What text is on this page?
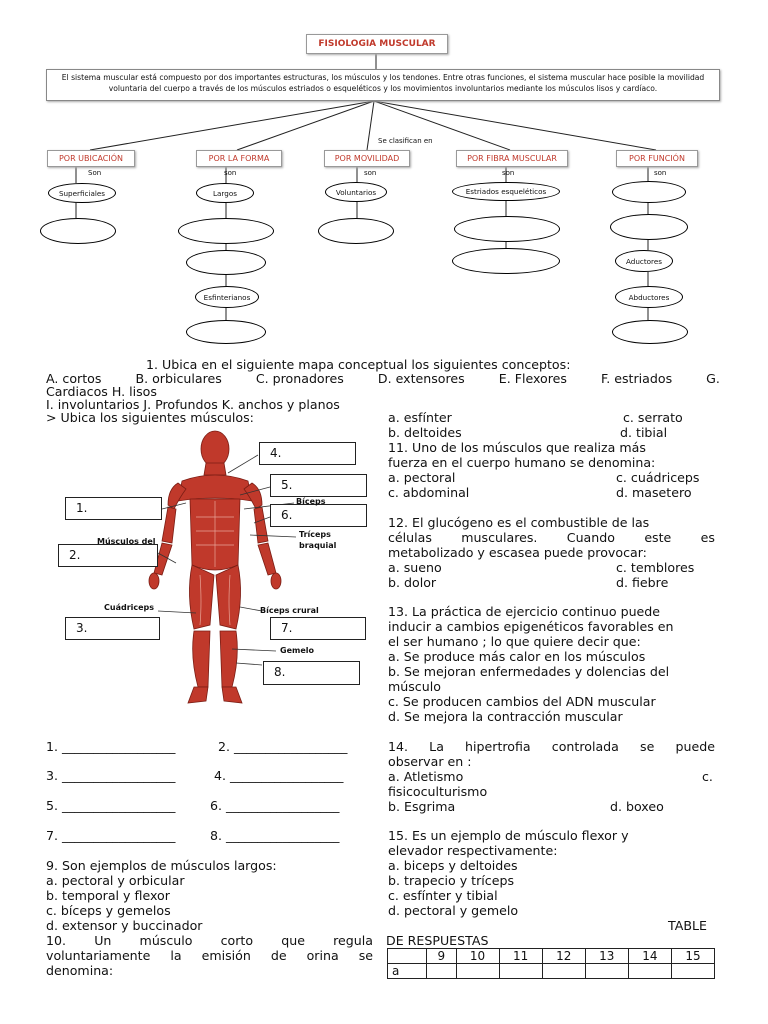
FISIOLOGIA MUSCULAR
El sistema muscular está compuesto por dos importantes estructuras, los músculos y los tendones. Entre otras funciones, el sistema muscular hace posible la movilidad voluntaria del cuerpo a través de los músculos estriados o esqueléticos y los movimientos involuntarios mediante los músculos lisos y cardíaco.
Se clasifican en
POR UBICACIÓN	POR LA FORMA	POR MOVILIDAD	POR FIBRA MUSCULAR	POR FUNCIÓN
Son	son	son	son	son
Superficiales	Largos
Esfinterianos
Voluntarios	Estriados esqueléticos
Aductores
Abductores
1. Ubica en el siguiente mapa conceptual los siguientes conceptos:
A. cortos	B. orbiculares	C. pronadores	D. extensores	E. Flexores	F. estriados	G.
Cardiacos H. lisos
I. involuntarios J. Profundos K. anchos y planos
> Ubica los siguientes músculos:
4.
5.
1.	6.
2.
3.	7.
8.
Bíceps
Tríceps
braquial
Músculos del
Cuádriceps	Bíceps crural
Gemelo
1. __________________	2. __________________
3. __________________	4. __________________
5. __________________	6. __________________
7. __________________	8. __________________
9. Son ejemplos de músculos largos:
a. pectoral y orbicular
b. temporal y flexor
c. bíceps y gemelos
d. extensor y buccinador
10. Un músculo corto que regula
voluntariamente la emisión de orina se
denomina:
a. esfínter	c. serrato
b. deltoides	d. tibial
11. Uno de los músculos que realiza más
fuerza en el cuerpo humano se denomina:
a. pectoral	c. cuádriceps
c. abdominal	d. masetero
12. El glucógeno es el combustible de las
células musculares. Cuando este es
metabolizado y escasea puede provocar:
a. sueno	c. temblores
b. dolor	d. fiebre
13. La práctica de ejercicio continuo puede
inducir a cambios epigenéticos favorables en
el ser humano ; lo que quiere decir que:
a. Se produce más calor en los músculos
b. Se mejoran enfermedades y dolencias del
músculo
c. Se producen cambios del ADN muscular
d. Se mejora la contracción muscular
14. La hipertrofia controlada se puede
observar en :
a. Atletismo	c.
fisicoculturismo
b. Esgrima	d. boxeo
15. Es un ejemplo de músculo flexor y
elevador respectivamente:
a. biceps y deltoides
b. trapecio y tríceps
c. esfínter y tibial
d. pectoral y gemelo
TABLE
DE RESPUESTAS
	9	10	11	12	13	14	15
a							
